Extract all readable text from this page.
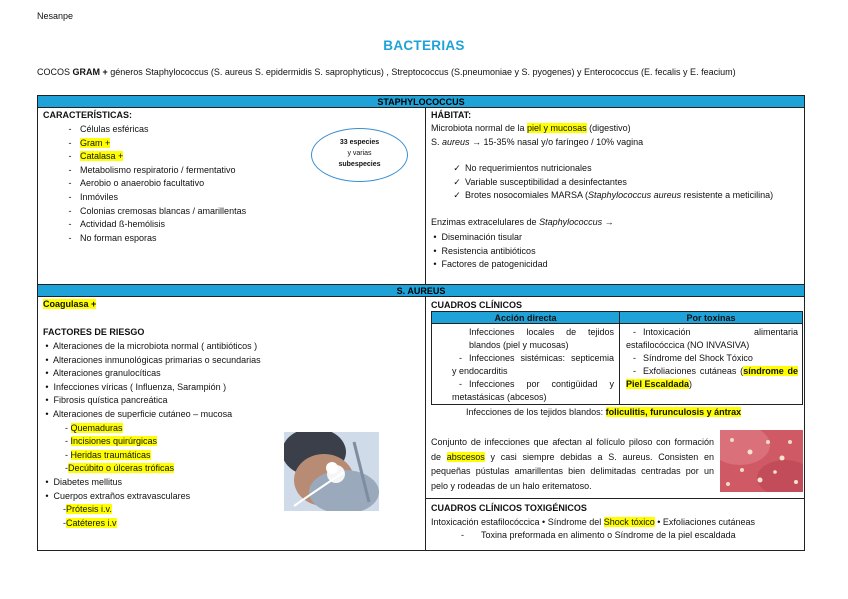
Nesanpe
BACTERIAS
COCOS GRAM + géneros Staphylococcus (S. aureus S. epidermidis S. saprophyticus) , Streptococcus (S.pneumoniae y S. pyogenes) y Enterococcus (E. fecalis y E. feacium)
STAPHYLOCOCCUS
CARACTERÍSTICAS:
- Células esféricas
- Gram +
- Catalasa +
- Metabolismo respiratorio / fermentativo
- Aerobio o anaerobio facultativo
- Inmóviles
- Colonias cremosas blancas / amarillentas
- Actividad ß-hemólisis
- No forman esporas
33 especies
y varias
subespecies
HÁBITAT:
Microbiota normal de la piel y mucosas (digestivo)
S. aureus → 15-35% nasal y/o faríngeo / 10% vagina
✓ No requerimientos nutricionales
✓ Variable susceptibilidad a desinfectantes
✓ Brotes nosocomiales MARSA (Staphylococcus aureus resistente a meticilina)
Enzimas extracelulares de Staphylococcus →
• Diseminación tisular
• Resistencia antibióticos
• Factores de patogenicidad
S. AUREUS
Coagulasa +
FACTORES DE RIESGO
• Alteraciones de la microbiota normal ( antibióticos )
• Alteraciones inmunológicas primarias o secundarias
• Alteraciones granulocíticas
• Infecciones víricas ( Influenza, Sarampión )
• Fibrosis quística pancreática
• Alteraciones de superficie cutáneo – mucosa
- Quemaduras
- Incisiones quirúrgicas
- Heridas traumáticas
-Decúbito o úlceras tróficas
• Diabetes mellitus
• Cuerpos extraños extravasculares
-Prótesis i.v.
-Catéteres i.v
CUADROS CLÍNICOS
Acción directa	Por toxinas
Infecciones locales de tejidos blandos (piel y mucosas)
- Infecciones sistémicas: septicemia y endocarditis
- Infecciones por contigüidad y metastásicas (abcesos)
- Intoxicación alimentaria estafilocóccica (NO INVASIVA)
- Síndrome del Shock Tóxico
- Exfoliaciones cutáneas (síndrome de Piel Escaldada)
Infecciones de los tejidos blandos: foliculitis, furunculosis y ántrax
Conjunto de infecciones que afectan al folículo piloso con formación de abscesos y casi siempre debidas a S. aureus. Consisten en pequeñas pústulas amarillentas bien delimitadas centradas por un pelo y rodeadas de un halo eritematoso.
CUADROS CLÍNICOS TOXIGÉNICOS
Intoxicación estafilocóccica • Síndrome del Shock tóxico • Exfoliaciones cutáneas
- Toxina preformada en alimento o Síndrome de la piel escaldada
